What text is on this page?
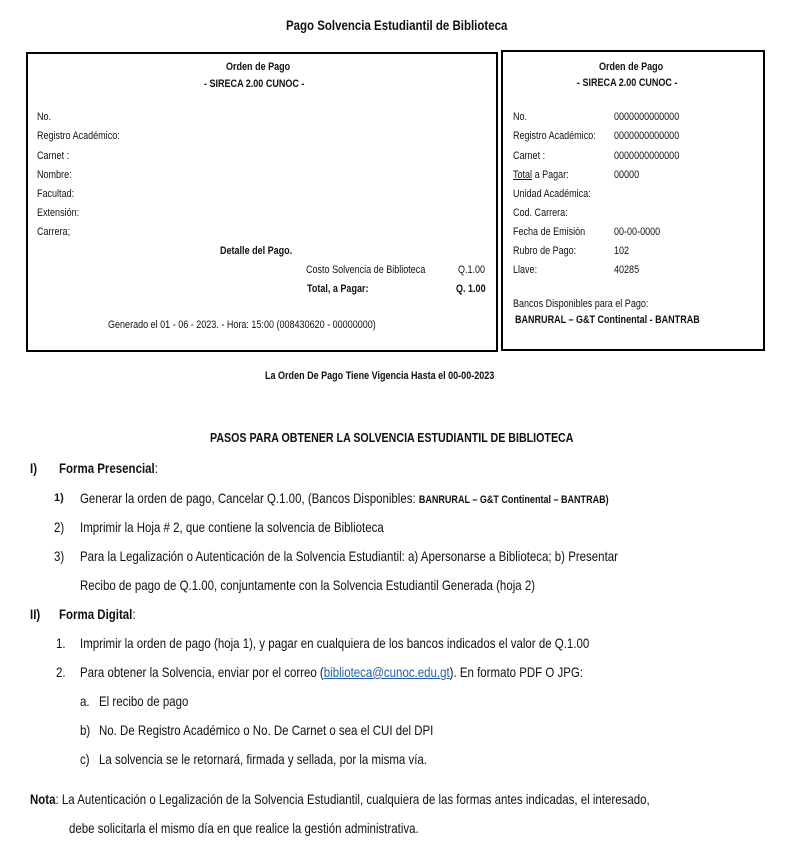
Pago Solvencia Estudiantil de Biblioteca
Orden de Pago
- SIRECA 2.00 CUNOC -
No.
Registro Académico:
Carnet :
Nombre:
Facultad:
Extensión:
Carrera;
Detalle del Pago.
Costo Solvencia de Biblioteca	Q.1.00
Total, a Pagar:	Q. 1.00
Generado el 01 - 06 - 2023. - Hora: 15:00 (008430620 - 00000000)
Orden de Pago
- SIRECA 2.00 CUNOC -
No.	0000000000000
Registro Académico:	0000000000000
Carnet :	0000000000000
Total a Pagar:	00000
Unidad Académica:
Cod. Carrera:
Fecha de Emisión	00-00-0000
Rubro de Pago:	102
Llave:	40285
Bancos Disponibles para el Pago:
BANRURAL – G&T Continental - BANTRAB
La Orden De Pago Tiene Vigencia Hasta el 00-00-2023
PASOS PARA OBTENER LA SOLVENCIA ESTUDIANTIL DE BIBLIOTECA
I) Forma Presencial:
1) Generar la orden de pago, Cancelar Q.1.00, (Bancos Disponibles: BANRURAL – G&T Continental – BANTRAB)
2) Imprimir la Hoja # 2, que contiene la solvencia de Biblioteca
3) Para la Legalización o Autenticación de la Solvencia Estudiantil: a) Apersonarse a Biblioteca; b) Presentar
Recibo de pago de Q.1.00, conjuntamente con la Solvencia Estudiantil Generada (hoja 2)
II) Forma Digital:
1. Imprimir la orden de pago (hoja 1), y pagar en cualquiera de los bancos indicados el valor de Q.1.00
2. Para obtener la Solvencia, enviar por el correo (biblioteca@cunoc.edu.gt). En formato PDF O JPG:
a. El recibo de pago
b) No. De Registro Académico o No. De Carnet o sea el CUI del DPI
c) La solvencia se le retornará, firmada y sellada, por la misma vía.
Nota: La Autenticación o Legalización de la Solvencia Estudiantil, cualquiera de las formas antes indicadas, el interesado,
debe solicitarla el mismo día en que realice la gestión administrativa.
